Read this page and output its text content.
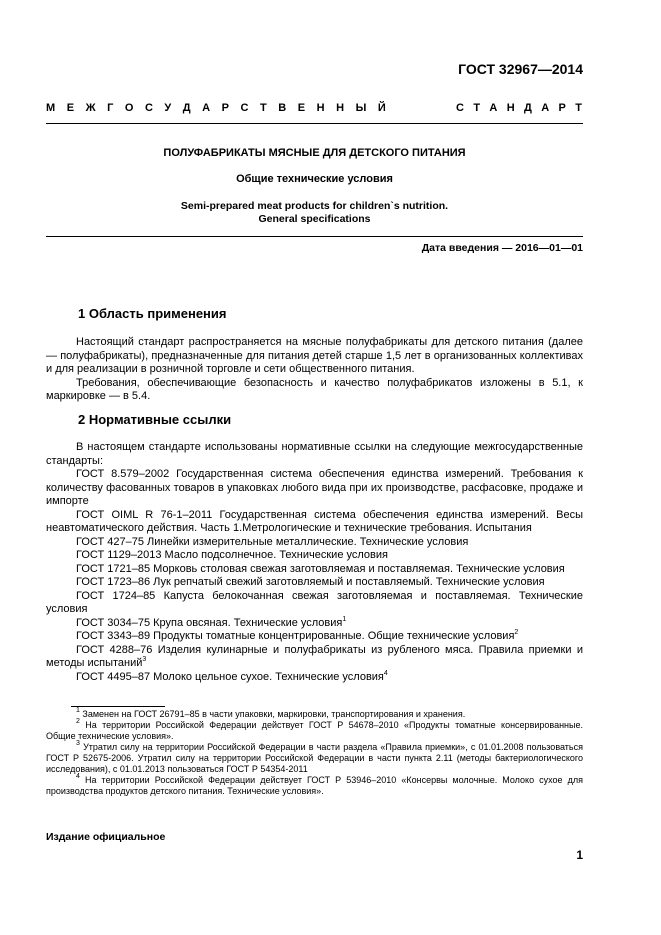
ГОСТ 32967—2014
М Е Ж Г О С У Д А Р С Т В Е Н Н Ы Й	С Т А Н Д А Р Т
ПОЛУФАБРИКАТЫ МЯСНЫЕ ДЛЯ ДЕТСКОГО ПИТАНИЯ
Общие технические условия
Semi-prepared meat products for children`s nutrition.
General specifications
Дата введения — 2016—01—01
1 Область применения

Настоящий стандарт распространяется на мясные полуфабрикаты для детского питания (далее — полуфабрикаты), предназначенные для питания детей старше 1,5 лет в организованных коллективах и для реализации в розничной торговле и сети общественного питания.

Требования, обеспечивающие безопасность и качество полуфабрикатов изложены в 5.1, к маркировке — в 5.4.

2 Нормативные ссылки

В настоящем стандарте использованы нормативные ссылки на следующие межгосударственные стандарты:

ГОСТ 8.579–2002 Государственная система обеспечения единства измерений. Требования к количеству фасованных товаров в упаковках любого вида при их производстве, расфасовке, продаже и импорте

ГОСТ OIML R 76-1–2011 Государственная система обеспечения единства измерений. Весы неавтоматического действия. Часть 1.Метрологические и технические требования. Испытания

ГОСТ 427–75 Линейки измерительные металлические. Технические условия

ГОСТ 1129–2013 Масло подсолнечное. Технические условия

ГОСТ 1721–85 Морковь столовая свежая заготовляемая и поставляемая. Технические условия

ГОСТ 1723–86 Лук репчатый свежий заготовляемый и поставляемый. Технические условия

ГОСТ 1724–85 Капуста белокочанная свежая заготовляемая и поставляемая. Технические условия

ГОСТ 3034–75 Крупа овсяная. Технические условия$^1$

ГОСТ 3343–89 Продукты томатные концентрированные. Общие технические условия$^2$

ГОСТ 4288–76 Изделия кулинарные и полуфабрикаты из рубленого мяса. Правила приемки и методы испытаний$^3$

ГОСТ 4495–87 Молоко цельное сухое. Технические условия$^4$

$^1$ Заменен на ГОСТ 26791–85 в части упаковки, маркировки, транспортирования и хранения.

$^2$ На территории Российской Федерации действует ГОСТ Р 54678–2010 «Продукты томатные консервированные. Общие технические условия».

$^3$ Утратил силу на территории Российской Федерации в части раздела «Правила приемки», с 01.01.2008 пользоваться ГОСТ Р 52675-2006. Утратил силу на территории Российской Федерации в части пункта 2.11 (методы бактериологического исследования), с 01.01.2013 пользоваться ГОСТ Р 54354-2011

$^4$ На территории Российской Федерации действует ГОСТ Р 53946–2010 «Консервы молочные. Молоко сухое для производства продуктов детского питания. Технические условия».

Издание официальное
1
